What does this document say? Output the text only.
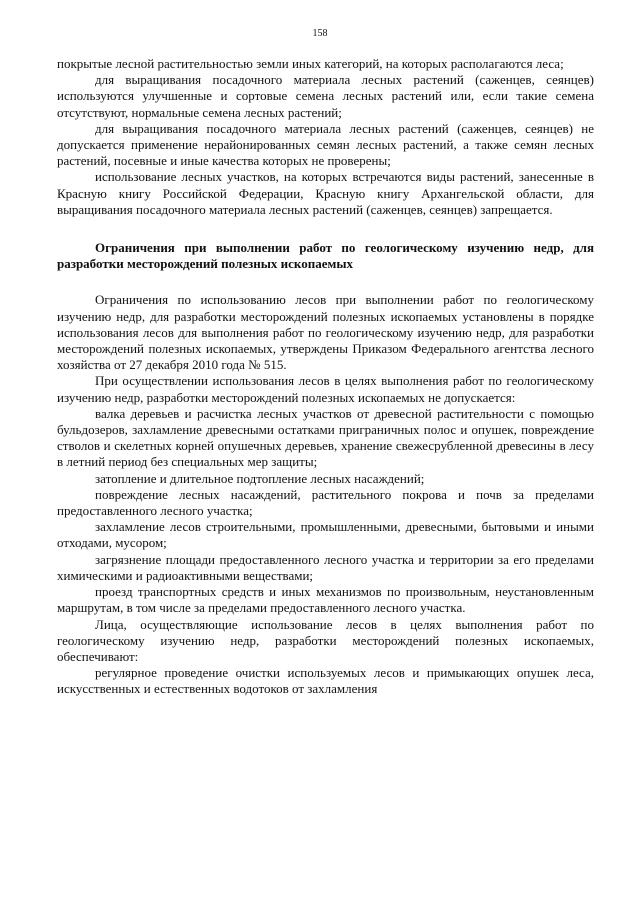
158

покрытые лесной растительностью земли иных категорий, на которых располагаются леса;

для выращивания посадочного материала лесных растений (саженцев, сеянцев) используются улучшенные и сортовые семена лесных растений или, если такие семена отсутствуют, нормальные семена лесных растений;

для выращивания посадочного материала лесных растений (саженцев, сеянцев) не допускается применение нерайонированных семян лесных растений, а также семян лесных растений, посевные и иные качества которых не проверены;

использование лесных участков, на которых встречаются виды растений, занесенные в Красную книгу Российской Федерации, Красную книгу Архангельской области, для выращивания посадочного материала лесных растений (саженцев, сеянцев) запрещается.

Ограничения при выполнении работ по геологическому изучению недр, для разработки месторождений полезных ископаемых

Ограничения по использованию лесов при выполнении работ по геологическому изучению недр, для разработки месторождений полезных ископаемых установлены в порядке использования лесов для выполнения работ по геологическому изучению недр, для разработки месторождений полезных ископаемых, утверждены Приказом Федерального агентства лесного хозяйства от 27 декабря 2010 года № 515.

При осуществлении использования лесов в целях выполнения работ по геологическому изучению недр, разработки месторождений полезных ископаемых не допускается:

валка деревьев и расчистка лесных участков от древесной растительности с помощью бульдозеров, захламление древесными остатками приграничных полос и опушек, повреждение стволов и скелетных корней опушечных деревьев, хранение свежесрубленной древесины в лесу в летний период без специальных мер защиты;

затопление и длительное подтопление лесных насаждений;

повреждение лесных насаждений, растительного покрова и почв за пределами предоставленного лесного участка;

захламление лесов строительными, промышленными, древесными, бытовыми и иными отходами, мусором;

загрязнение площади предоставленного лесного участка и территории за его пределами химическими и радиоактивными веществами;

проезд транспортных средств и иных механизмов по произвольным, неустановленным маршрутам, в том числе за пределами предоставленного лесного участка.

Лица, осуществляющие использование лесов в целях выполнения работ по геологическому изучению недр, разработки месторождений полезных ископаемых, обеспечивают:

регулярное проведение очистки используемых лесов и примыкающих опушек леса, искусственных и естественных водотоков от захламления
